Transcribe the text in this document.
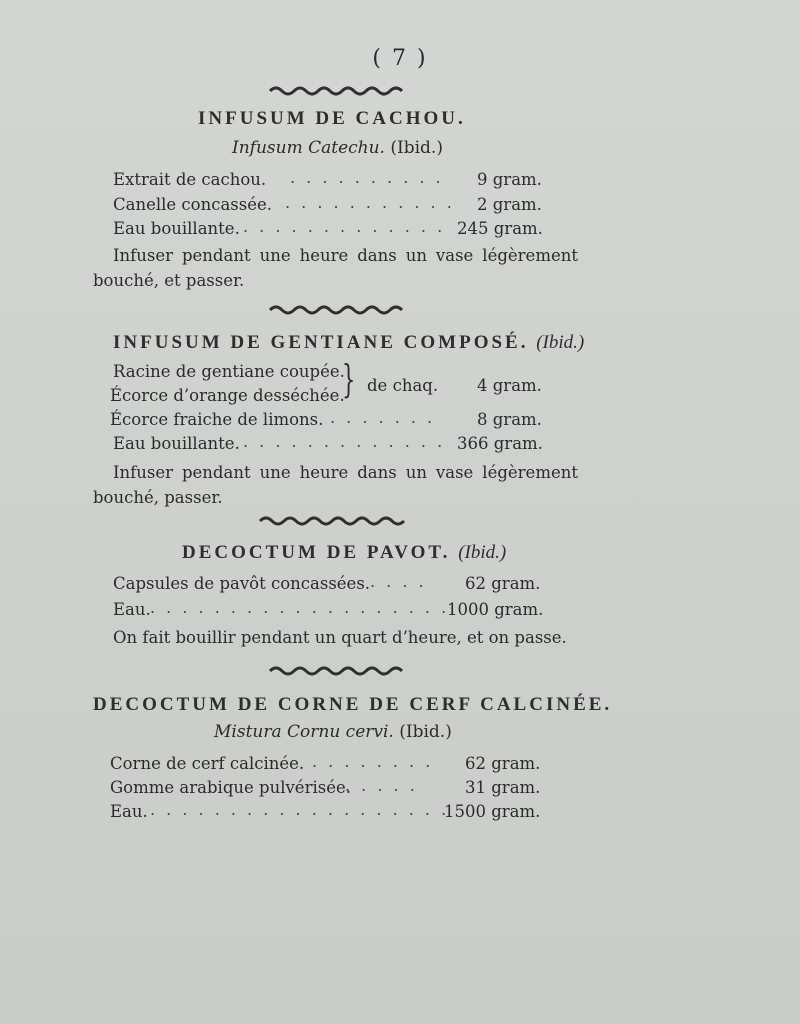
( 7 )
INFUSUM DE CACHOU.
Infusum Catechu. (Ibid.)
Extrait de cachou. . . . . . . . . . . 9 gram.
Canelle concassée. . . . . . . . . . . . 2 gram.
Eau bouillante. . . . . . . . . . . . . . 245 gram.
Infuser pendant une heure dans un vase légèrement
bouché, et passer.
INFUSUM DE GENTIANE COMPOSÉ. (Ibid.)
Racine de gentiane coupée.
Écorce d’orange desséchée.
} de chaq. 4 gram.
Écorce fraiche de limons. . . . . . . .	8 gram.
Eau bouillante. . . . . . . . . . . . . . 366 gram.
Infuser pendant une heure dans un vase légèrement
bouché, passer.
DECOCTUM DE PAVOT. (Ibid.)
Capsules de pavôt concassées. . . . . 62 gram.
Eau. . . . . . . . . . . . . . . . . . . .
1000 gram.
On fait bouillir pendant un quart d’heure, et on passe.
DECOCTUM DE CORNE DE CERF CALCINÉE.
Mistura Cornu cervi. (Ibid.)
Corne de cerf calcinée. . . . . . . . . 62 gram.
Gomme arabique pulvérisée.
. . . . .	31 gram.
Eau. . . . . . . . . . . . . . . . . . . .
1500 gram.
